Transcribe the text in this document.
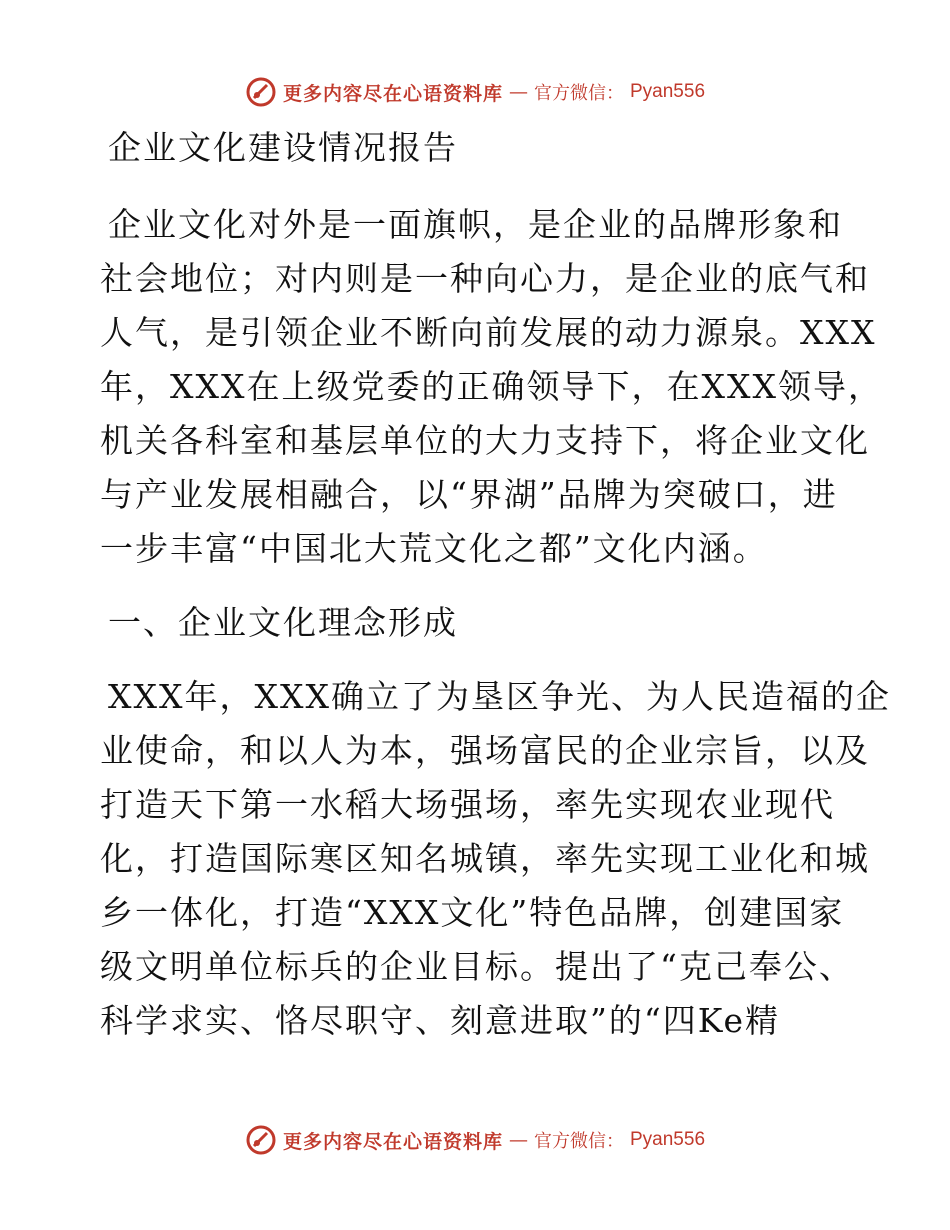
更多内容尽在心语资料库 — 官方微信： Pyan556
企业文化建设情况报告
企业文化对外是一面旗帜，是企业的品牌形象和
社会地位；对内则是一种向心力，是企业的底气和
人气，是引领企业不断向前发展的动力源泉。XXX
年，XXX在上级党委的正确领导下，在XXX领导，
机关各科室和基层单位的大力支持下，将企业文化
与产业发展相融合，以“界湖”品牌为突破口，进
一步丰富“中国北大荒文化之都”文化内涵。
一、企业文化理念形成
XXX年，XXX确立了为垦区争光、为人民造福的企
业使命，和以人为本，强场富民的企业宗旨，以及
打造天下第一水稻大场强场，率先实现农业现代
化，打造国际寒区知名城镇，率先实现工业化和城
乡一体化，打造“XXX文化”特色品牌，创建国家
级文明单位标兵的企业目标。提出了“克己奉公、
科学求实、恪尽职守、刻意进取”的“四Ke精
更多内容尽在心语资料库 — 官方微信： Pyan556
